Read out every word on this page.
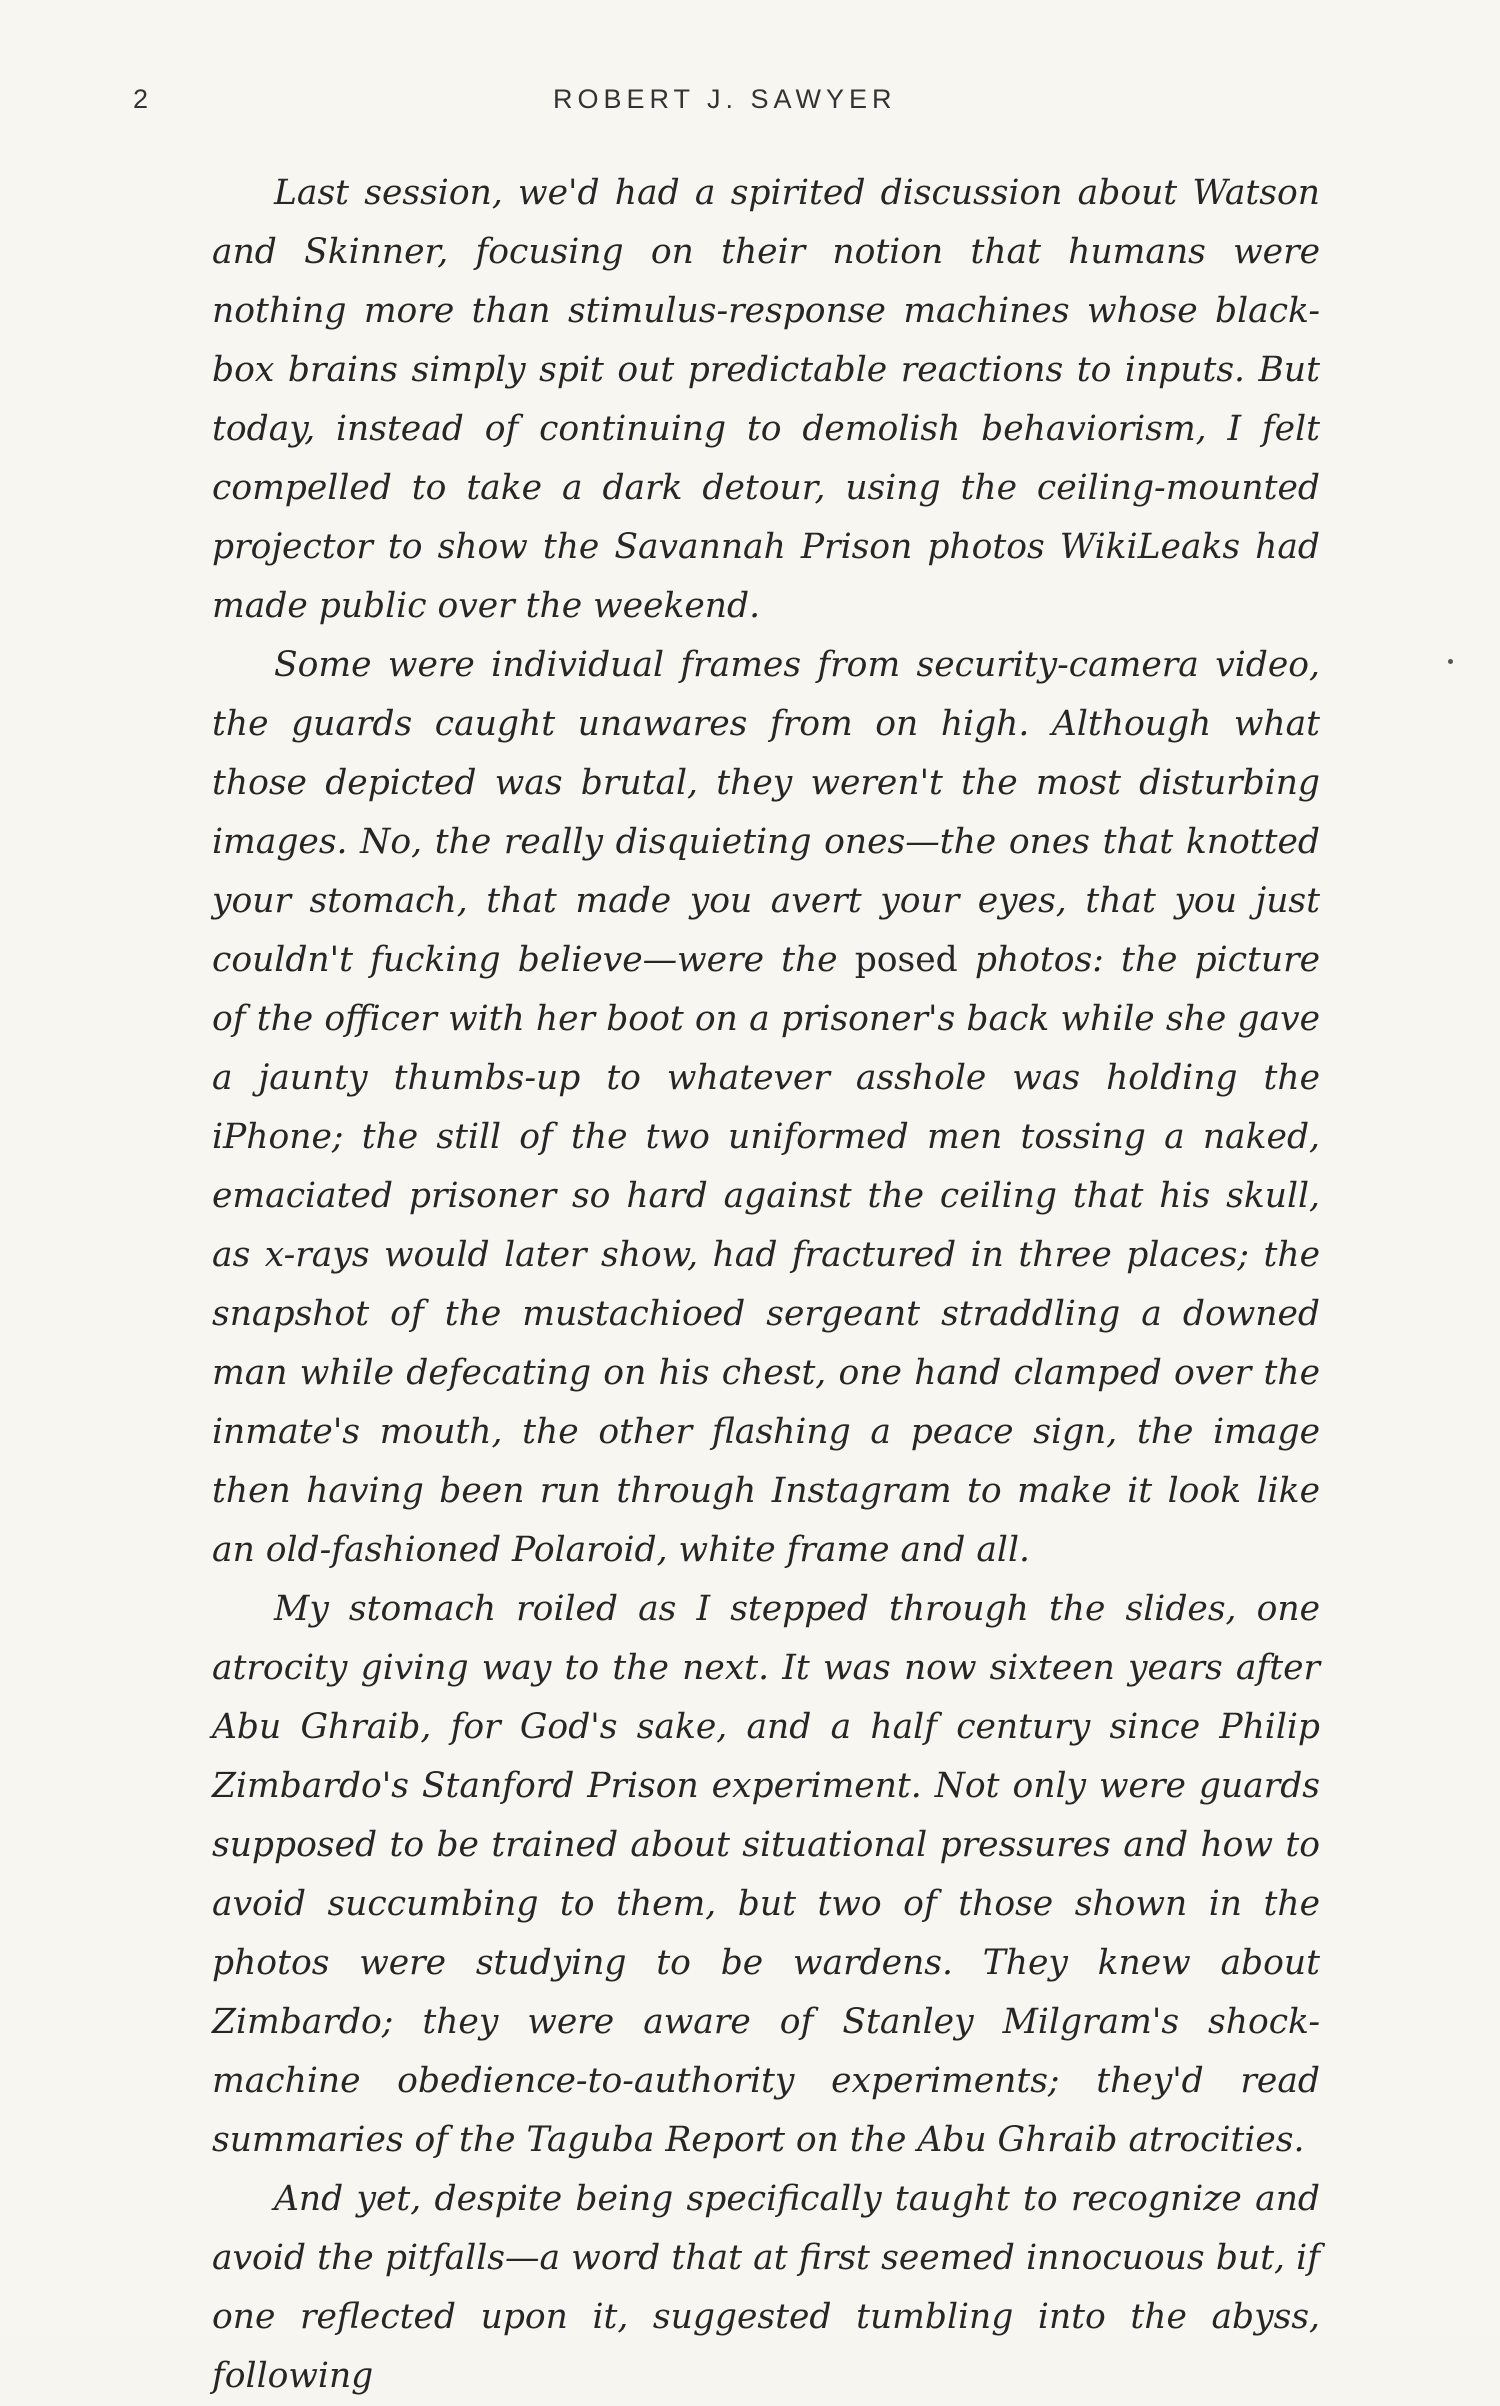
2	ROBERT J. SAWYER

Last session, we'd had a spirited discussion about Watson and Skinner, focusing on their notion that humans were nothing more than stimulus-response machines whose black-box brains simply spit out predictable reactions to inputs. But today, instead of continuing to demolish behaviorism, I felt compelled to take a dark detour, using the ceiling-mounted projector to show the Savannah Prison photos WikiLeaks had made public over the weekend.

Some were individual frames from security-camera video, the guards caught unawares from on high. Although what those depicted was brutal, they weren't the most disturbing images. No, the really disquieting ones—the ones that knotted your stomach, that made you avert your eyes, that you just couldn't fucking believe—were the posed photos: the picture of the officer with her boot on a prisoner's back while she gave a jaunty thumbs-up to whatever asshole was holding the iPhone; the still of the two uniformed men tossing a naked, emaciated prisoner so hard against the ceiling that his skull, as x-rays would later show, had fractured in three places; the snapshot of the mustachioed sergeant straddling a downed man while defecating on his chest, one hand clamped over the inmate's mouth, the other flashing a peace sign, the image then having been run through Instagram to make it look like an old-fashioned Polaroid, white frame and all.

My stomach roiled as I stepped through the slides, one atrocity giving way to the next. It was now sixteen years after Abu Ghraib, for God's sake, and a half century since Philip Zimbardo's Stanford Prison experiment. Not only were guards supposed to be trained about situational pressures and how to avoid succumbing to them, but two of those shown in the photos were studying to be wardens. They knew about Zimbardo; they were aware of Stanley Milgram's shock-machine obedience-to-authority experiments; they'd read summaries of the Taguba Report on the Abu Ghraib atrocities.

And yet, despite being specifically taught to recognize and avoid the pitfalls—a word that at first seemed innocuous but, if one reflected upon it, suggested tumbling into the abyss, following
